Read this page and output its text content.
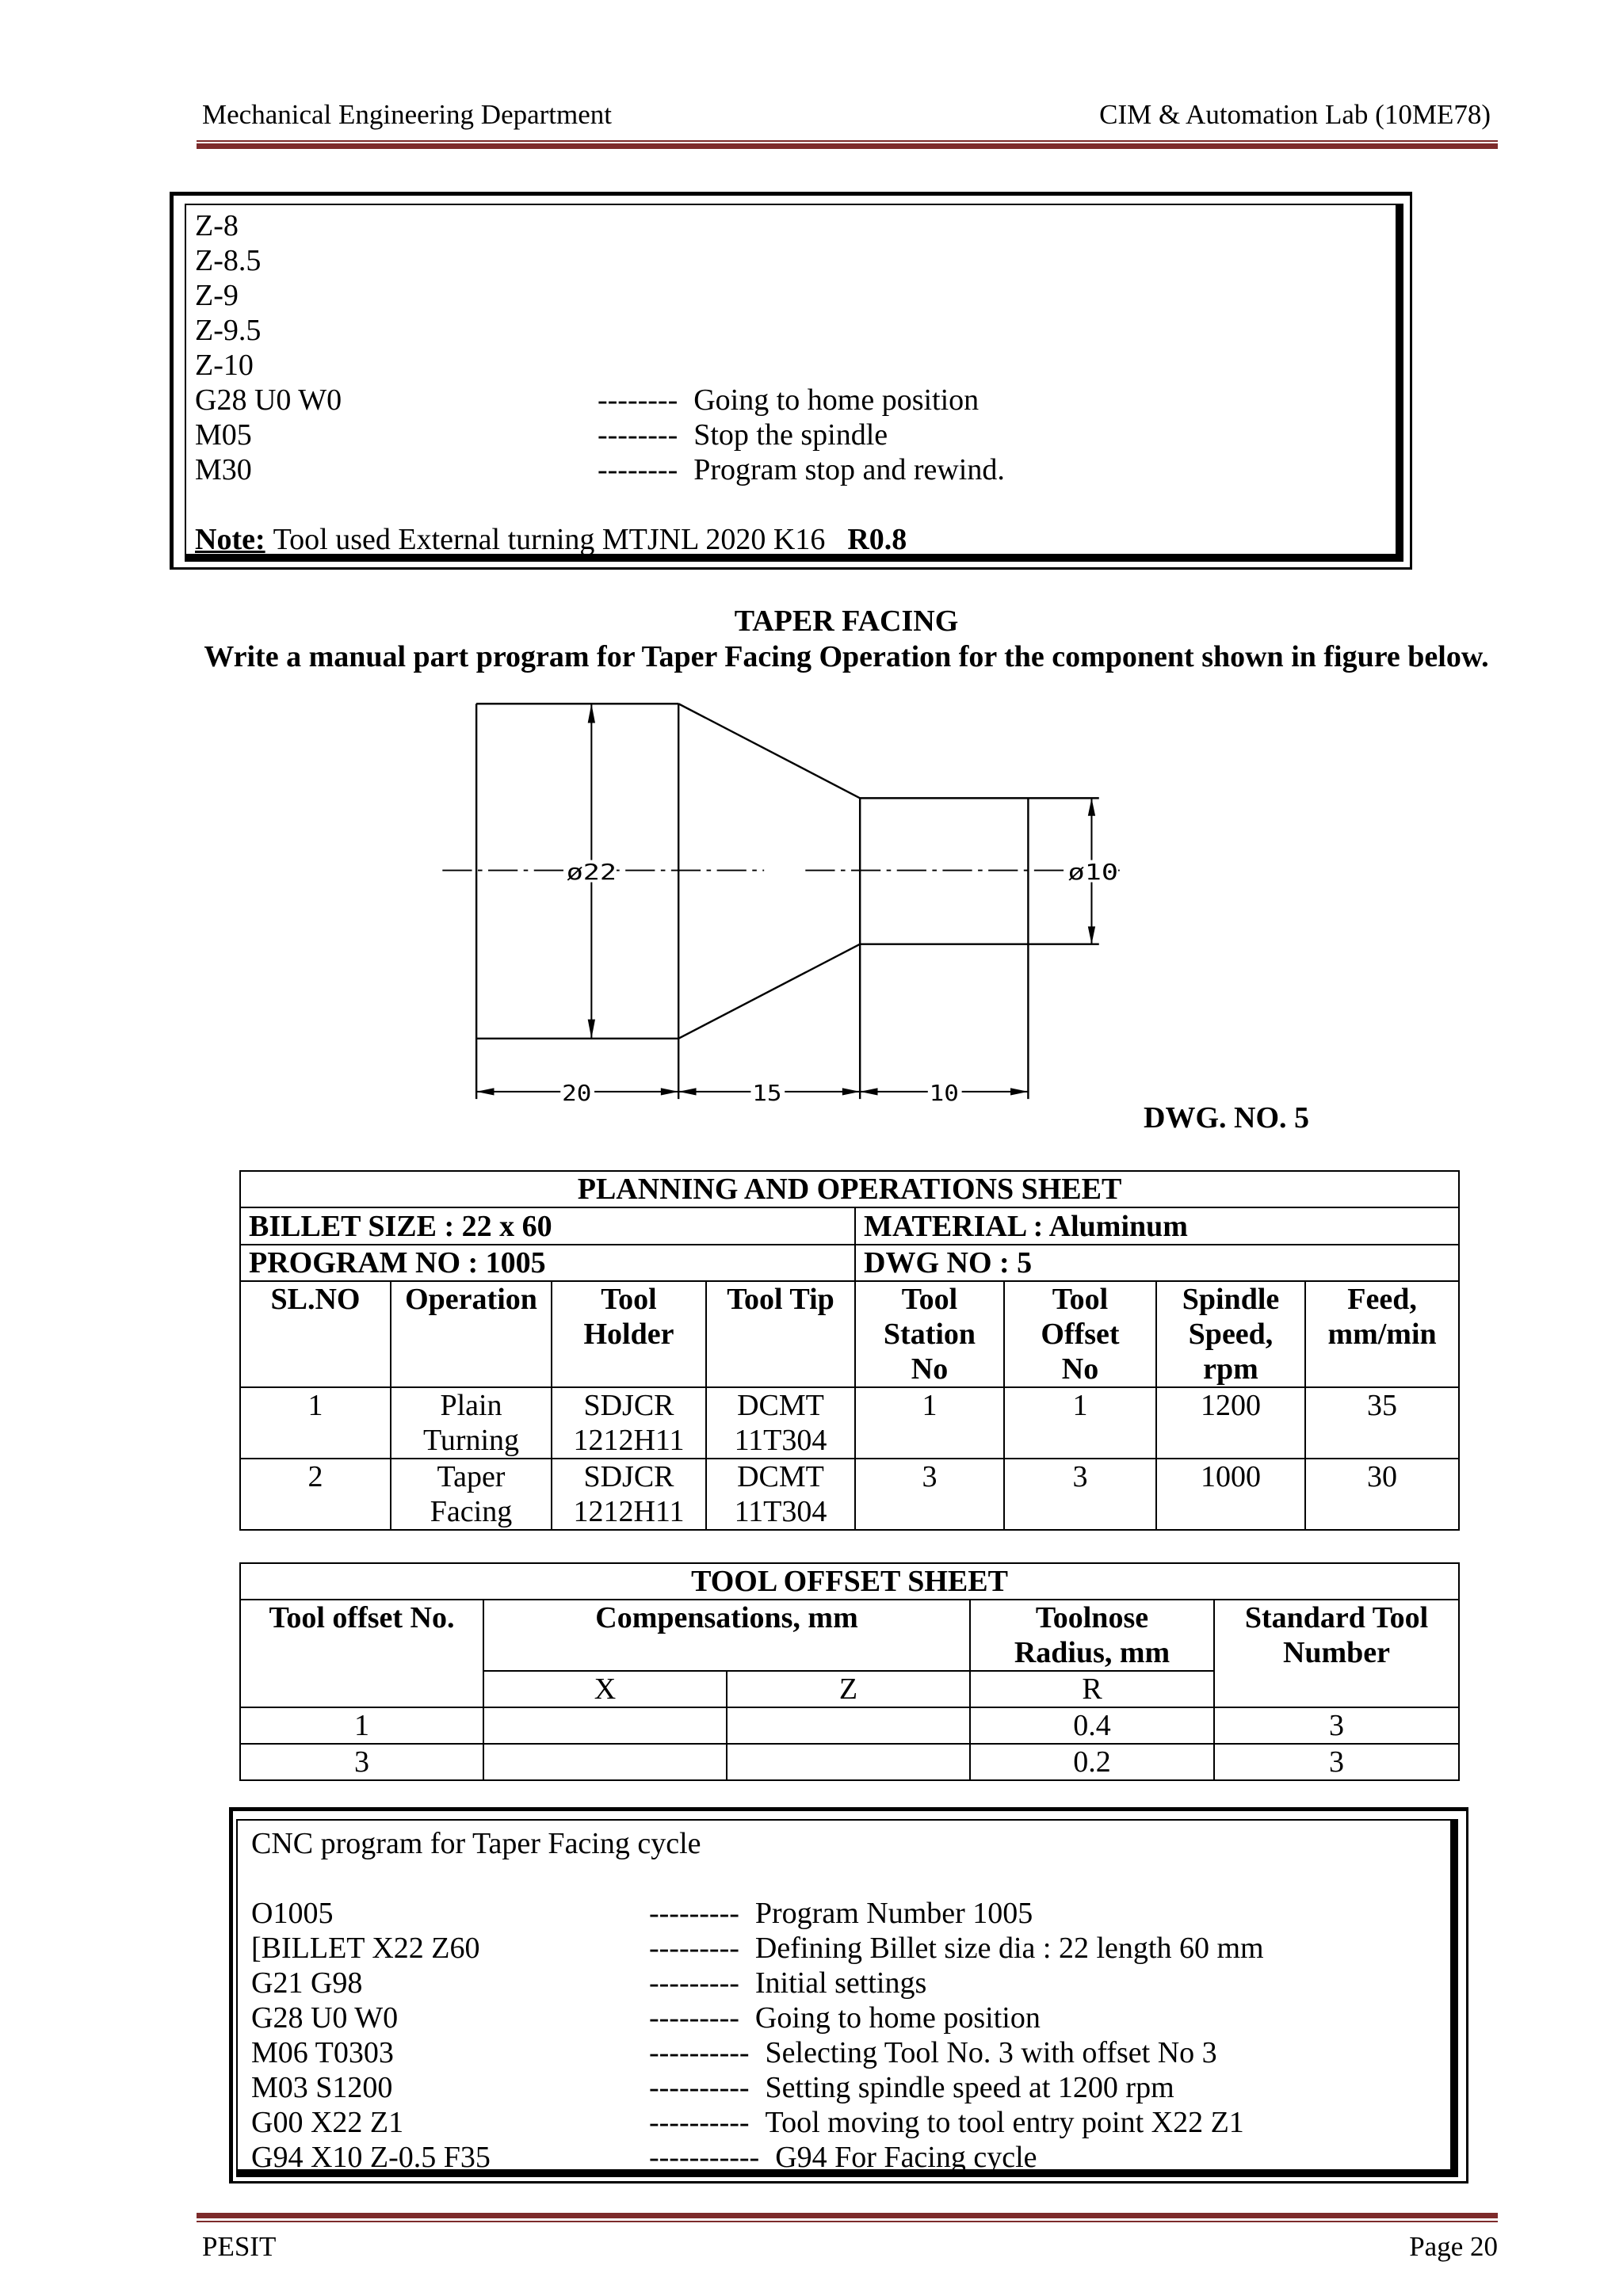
Mechanical Engineering Department	CIM & Automation Lab (10ME78)
Z-8
Z-8.5
Z-9
Z-9.5
Z-10
G28 U0 W0	-------- Going to home position
M05	-------- Stop the spindle
M30	-------- Program stop and rewind.
Note: Tool used External turning MTJNL 2020 K16 R0.8
TAPER FACING
Write a manual part program for Taper Facing Operation for the component shown in figure below.
ø22	ø10
20	15	10
DWG. NO. 5
PLANNING AND OPERATIONS SHEET							
BILLET SIZE : 22 x 60				MATERIAL : Aluminum			
PROGRAM NO : 1005				DWG NO : 5			
SL.NO	Operation	Tool Holder	Tool Tip	Tool Station No	Tool Offset No	Spindle Speed, rpm	Feed, mm/min
1	Plain Turning	SDJCR 1212H11	DCMT 11T304	1	1	1200	35
2	Taper Facing	SDJCR 1212H11	DCMT 11T304	3	3	1000	30
TOOL OFFSET SHEET				
Tool offset No.	Compensations, mm		Toolnose Radius, mm	Standard Tool Number
	X	Z	R	
1			0.4	3
3			0.2	3
CNC program for Taper Facing cycle
O1005	--------- Program Number 1005
[BILLET X22 Z60	--------- Defining Billet size dia : 22 length 60 mm
G21 G98	--------- Initial settings
G28 U0 W0	--------- Going to home position
M06 T0303	---------- Selecting Tool No. 3 with offset No 3
M03 S1200	---------- Setting spindle speed at 1200 rpm
G00 X22 Z1	---------- Tool moving to tool entry point X22 Z1
G94 X10 Z-0.5 F35	----------- G94 For Facing cycle
PESIT	Page 20
